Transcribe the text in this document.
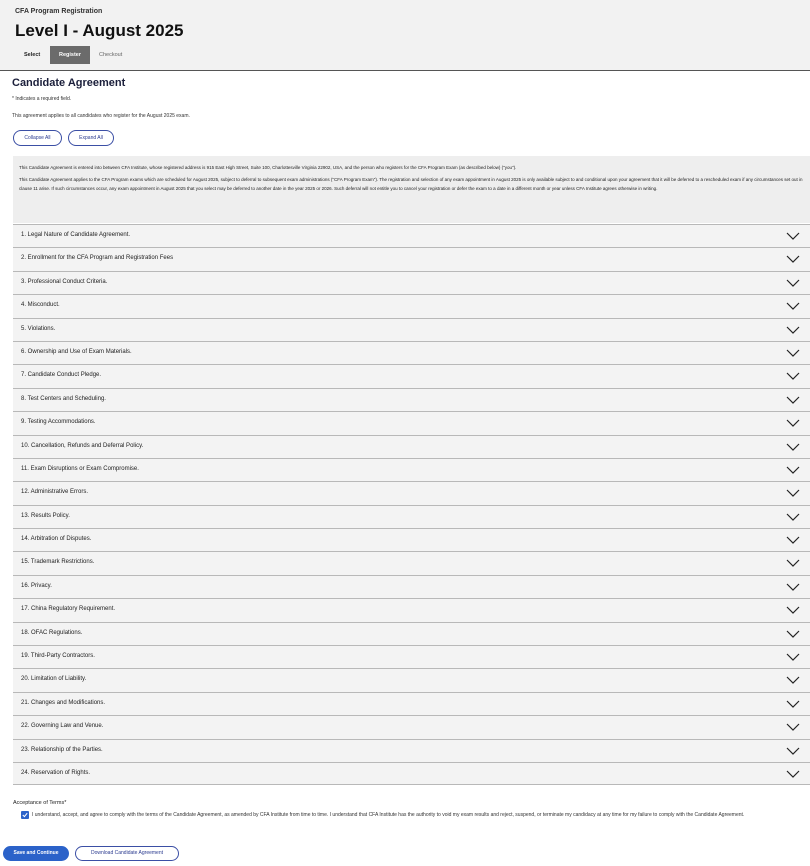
CFA Program Registration
Level I - August 2025
Select	Register	Checkout
Candidate Agreement
* Indicates a required field.
This agreement applies to all candidates who register for the August 2025 exam.
Collapse All	Expand All

This Candidate Agreement is entered into between CFA Institute, whose registered address is 915 East High Street, Suite 100, Charlottesville Virginia 22902, USA, and the person who registers for the CFA Program Exam (as described below) ("you").

This Candidate Agreement applies to the CFA Program exams which are scheduled for August 2025, subject to deferral to subsequent exam administrations ("CFA Program Exam"). The registration and selection of any exam appointment in August 2025 is only available subject to and conditional upon your agreement that it will be deferred to a rescheduled exam if any circumstances set out in clause 11 arise. If such circumstances occur, any exam appointment in August 2025 that you select may be deferred to another date in the year 2025 or 2026. Such deferral will not entitle you to cancel your registration or defer the exam to a date in a different month or year unless CFA Institute agrees otherwise in writing.

1. Legal Nature of Candidate Agreement.
2. Enrollment for the CFA Program and Registration Fees
3. Professional Conduct Criteria.
4. Misconduct.
5. Violations.
6. Ownership and Use of Exam Materials.
7. Candidate Conduct Pledge.
8. Test Centers and Scheduling.
9. Testing Accommodations.
10. Cancellation, Refunds and Deferral Policy.
11. Exam Disruptions or Exam Compromise.
12. Administrative Errors.
13. Results Policy.
14. Arbitration of Disputes.
15. Trademark Restrictions.
16. Privacy.
17. China Regulatory Requirement.
18. OFAC Regulations.
19. Third-Party Contractors.
20. Limitation of Liability.
21. Changes and Modifications.
22. Governing Law and Venue.
23. Relationship of the Parties.
24. Reservation of Rights.
Acceptance of Terms*
I understand, accept, and agree to comply with the terms of the Candidate Agreement, as amended by CFA Institute from time to time. I understand that CFA Institute has the authority to void my exam results and reject, suspend, or terminate my candidacy at any time for my failure to comply with the Candidate Agreement.
Save and Continue	Download Candidate Agreement
